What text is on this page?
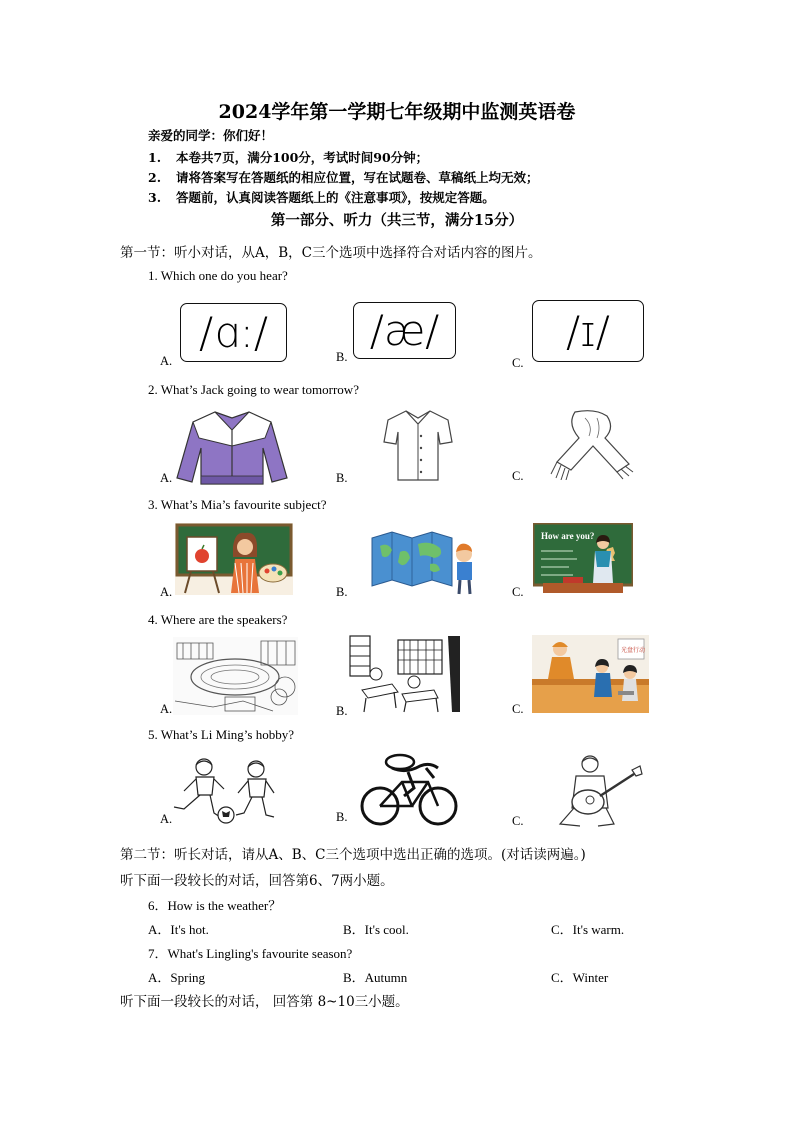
2024学年第一学期七年级期中监测英语卷
亲爱的同学：你们好！
1. 本卷共7页，满分100分，考试时间90分钟；
2. 请将答案写在答题纸的相应位置，写在试题卷、草稿纸上均无效；
3. 答题前，认真阅读答题纸上的《注意事项》，按规定答题。
第一部分、听力（共三节，满分15分）
第一节：听小对话，从A，B，C三个选项中选择符合对话内容的图片。
1. Which one do you hear?
A.
/ɑ:/	B.
/æ/
C.
/ɪ/
2. What’s Jack going to wear tomorrow?
A.	B.	C.
3. What’s Mia’s favourite subject?
A.	B.	C.
How are you?
4. Where are the speakers?
A.	B.	C.
光盘行动
5. What’s Li Ming’s hobby?
A.	B.	C.
第二节：听长对话，请从A、B、C三个选项中选出正确的选项。(对话读两遍。)
听下面一段较长的对话，回答第6、7两小题。
6．How is the weather？
A．It's hot.	B．It's cool.	C．It's warm.
7．What's Lingling's favourite season?
A．Spring	B．Autumn	C．Winter
听下面一段较长的对话， 回答第 8~10三小题。
